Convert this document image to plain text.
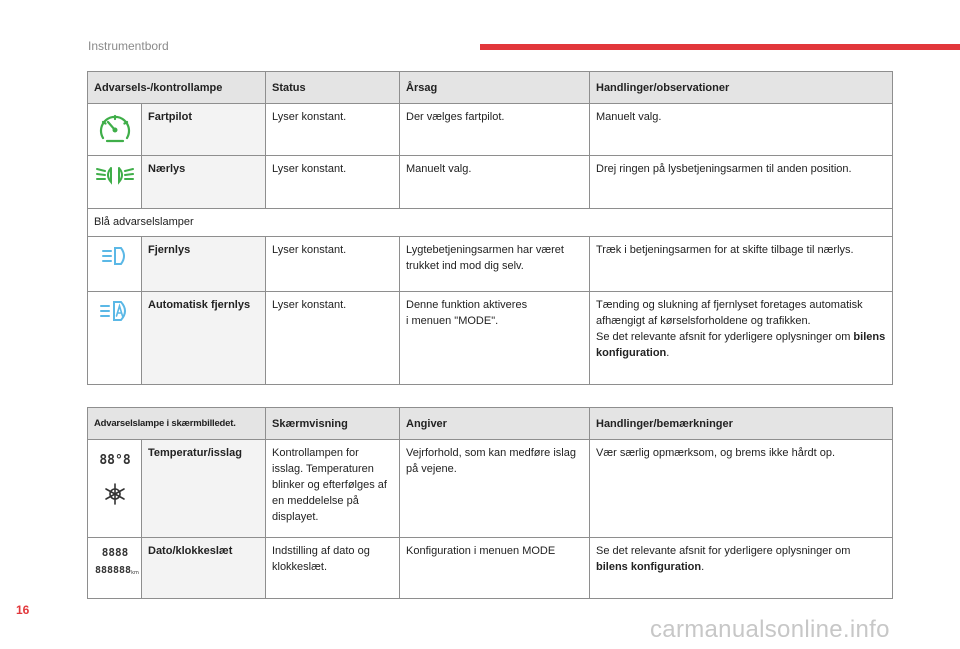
Instrumentbord
Advarsels-/kontrollampe		Status	Årsag	Handlinger/observationer
	Fartpilot	Lyser konstant.	Der vælges fartpilot.	Manuelt valg.
	Nærlys	Lyser konstant.	Manuelt valg.	Drej ringen på lysbetjeningsarmen til anden position.
Blå advarselslamper				
	Fjernlys	Lyser konstant.	Lygtebetjeningsarmen har været trukket ind mod dig selv.	Træk i betjeningsarmen for at skifte tilbage til nærlys.
	Automatisk fjernlys	Lyser konstant.	Denne funktion aktiveres
i menuen "MODE".	Tænding og slukning af fjernlyset foretages automatisk afhængigt af kørselsforholdene og trafikken.
Se det relevante afsnit for yderligere oplysninger om bilens konfiguration.
Advarselslampe i skærmbilledet.		Skærmvisning	Angiver	Handlinger/bemærkninger

88°8	Temperatur/isslag	Kontrollampen for isslag. Temperaturen blinker og efterfølges af en meddelelse på displayet.	Vejrforhold, som kan medføre islag på vejene.	Vær særlig opmærksom, og brems ikke hårdt op.

8888
888888 km	Dato/klokkeslæt	Indstilling af dato og klokkeslæt.	Konfiguration i menuen MODE	Se det relevante afsnit for yderligere oplysninger om
bilens konfiguration.
16
carmanualsonline.info
